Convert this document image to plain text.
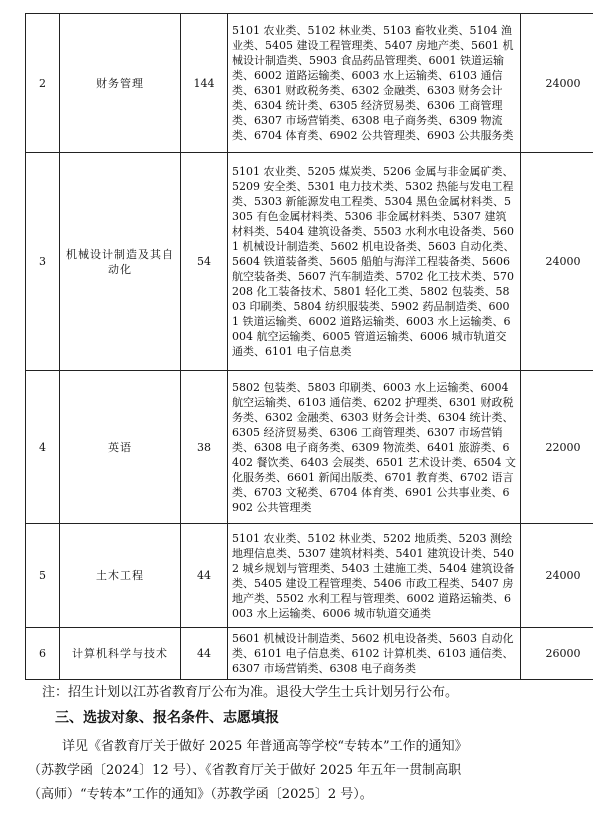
2	财务管理	144	5101 农业类、5102 林业类、5103 畜牧业类、5104 渔业类、5405 建设工程管理类、5407 房地产类、5601 机械设计制造类、5903 食品药品管理类、6001 铁道运输类、6002 道路运输类、6003 水上运输类、6103 通信类、6301 财政税务类、6302 金融类、6303 财务会计类、6304 统计类、6305 经济贸易类、6306 工商管理类、6307 市场营销类、6308 电子商务类、6309 物流类、6704 体育类、6902 公共管理类、6903 公共服务类	24000
3	机械设计制造及其自动化	54	5101 农业类、5205 煤炭类、5206 金属与非金属矿类、5209 安全类、5301 电力技术类、5302 热能与发电工程类、5303 新能源发电工程类、5304 黑色金属材料类、5305 有色金属材料类、5306 非金属材料类、5307 建筑材料类、5404 建筑设备类、5503 水利水电设备类、5601 机械设计制造类、5602 机电设备类、5603 自动化类、5604 铁道装备类、5605 船舶与海洋工程装备类、5606 航空装备类、5607 汽车制造类、5702 化工技术类、570208 化工装备技术、5801 轻化工类、5802 包装类、5803 印刷类、5804 纺织服装类、5902 药品制造类、6001 铁道运输类、6002 道路运输类、6003 水上运输类、6004 航空运输类、6005 管道运输类、6006 城市轨道交通类、6101 电子信息类	24000
4	英语	38	5802 包装类、5803 印刷类、6003 水上运输类、6004 航空运输类、6103 通信类、6202 护理类、6301 财政税务类、6302 金融类、6303 财务会计类、6304 统计类、6305 经济贸易类、6306 工商管理类、6307 市场营销类、6308 电子商务类、6309 物流类、6401 旅游类、6402 餐饮类、6403 会展类、6501 艺术设计类、6504 文化服务类、6601 新闻出版类、6701 教育类、6702 语言类、6703 文秘类、6704 体育类、6901 公共事业类、6902 公共管理类	22000
5	土木工程	44	5101 农业类、5102 林业类、5202 地质类、5203 测绘地理信息类、5307 建筑材料类、5401 建筑设计类、5402 城乡规划与管理类、5403 土建施工类、5404 建筑设备类、5405 建设工程管理类、5406 市政工程类、5407 房地产类、5502 水利工程与管理类、6002 道路运输类、6003 水上运输类、6006 城市轨道交通类	24000
6	计算机科学与技术	44	5601 机械设计制造类、5602 机电设备类、5603 自动化类、6101 电子信息类、6102 计算机类、6103 通信类、6307 市场营销类、6308 电子商务类	26000
注：招生计划以江苏省教育厅公布为准。退役大学生士兵计划另行公布。
三、选拔对象、报名条件、志愿填报
详见《省教育厅关于做好 2025 年普通高等学校“专转本”工作的通知》
（苏教学函〔2024〕12 号）、《省教育厅关于做好 2025 年五年一贯制高职
（高师）“专转本”工作的通知》（苏教学函〔2025〕2 号）。
